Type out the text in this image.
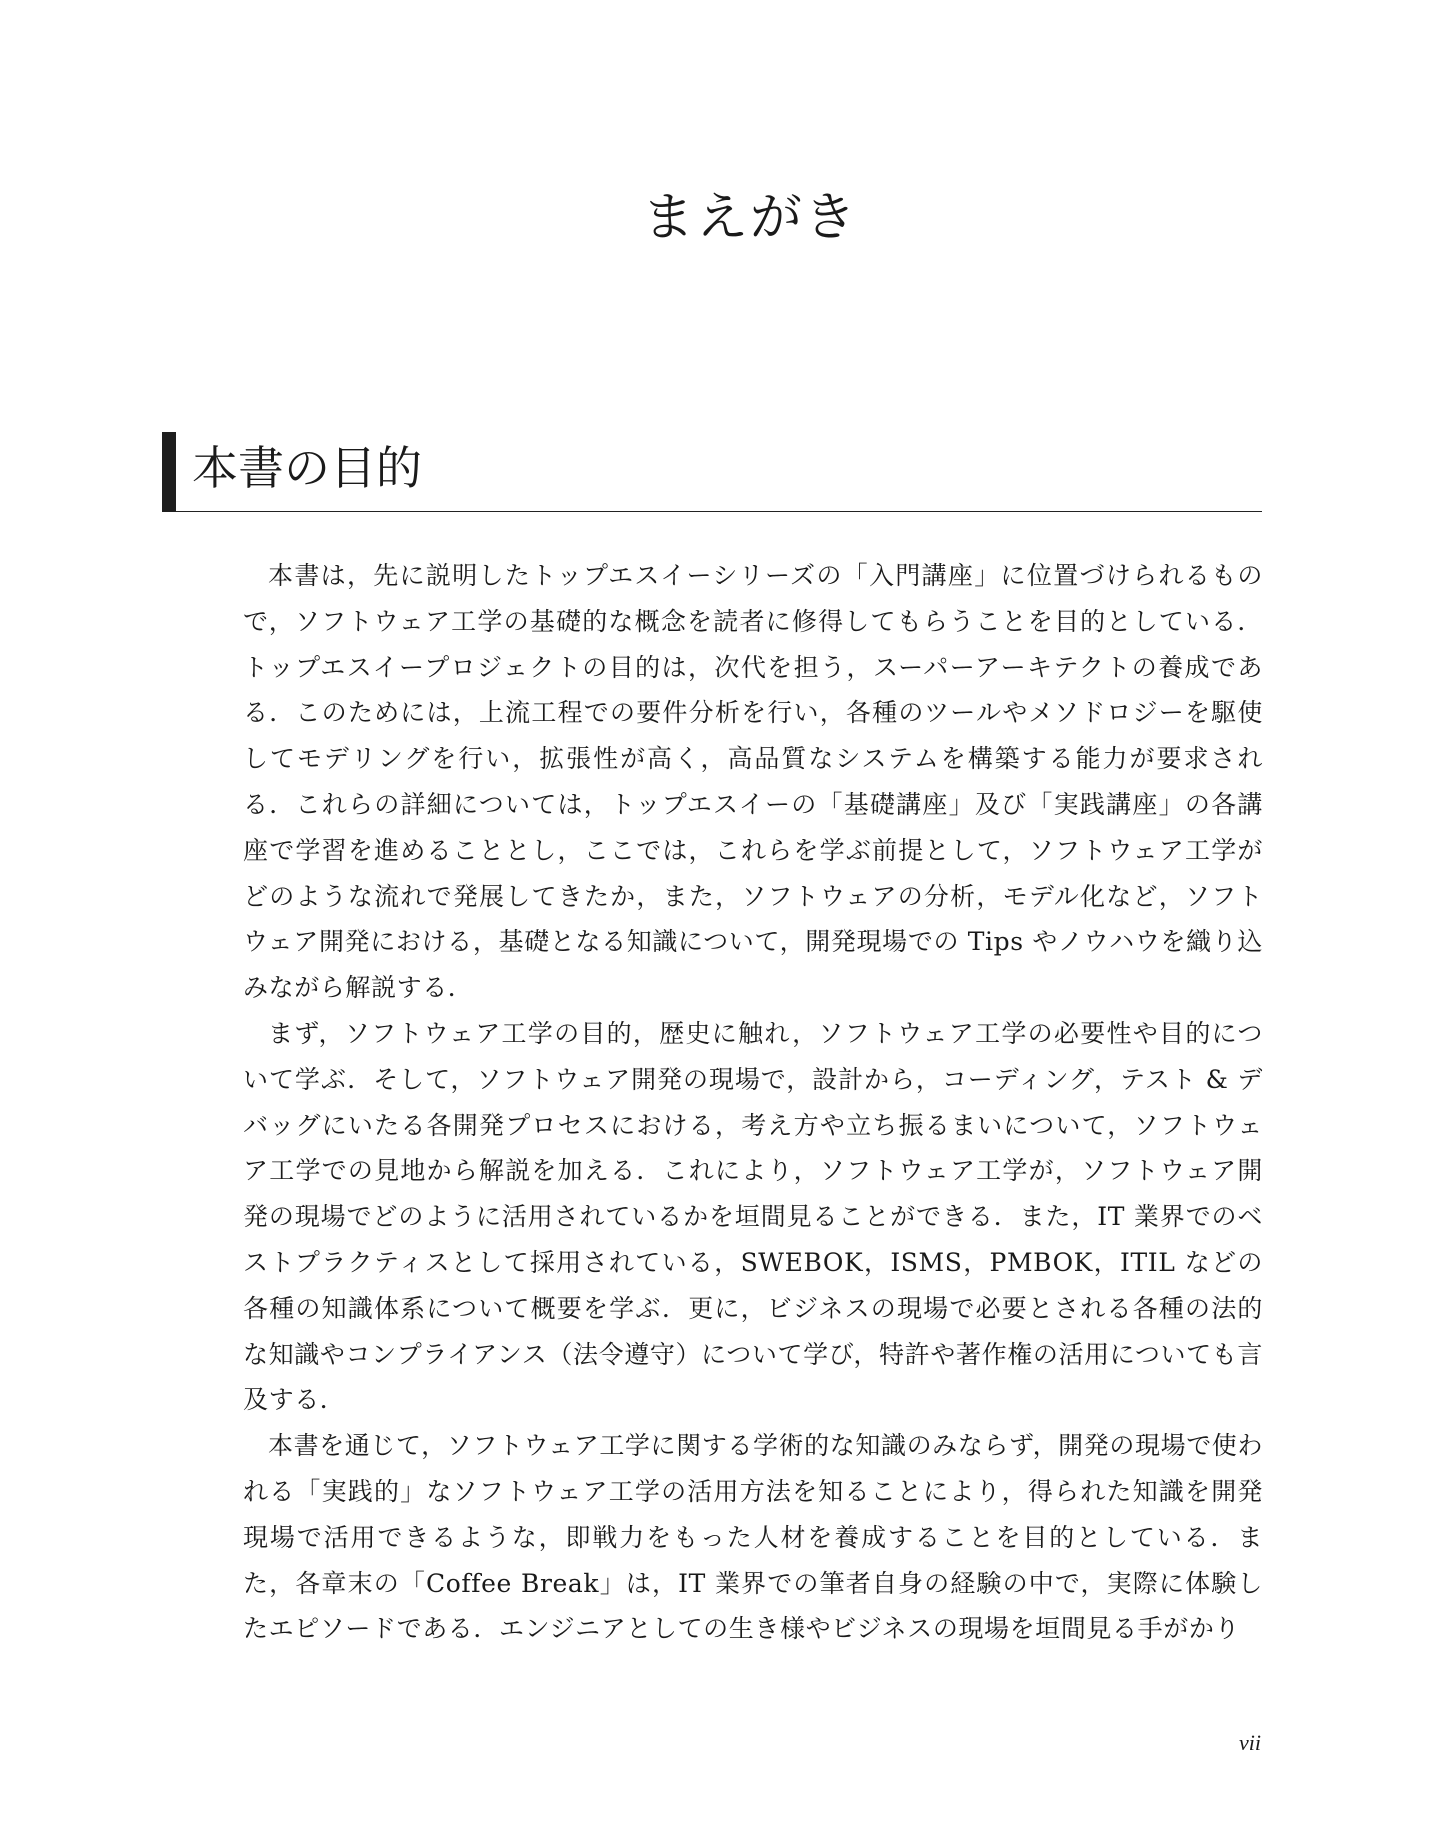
まえがき
本書の目的

本書は，先に説明したトップエスイーシリーズの「入門講座」に位置づけられるもので，ソフトウェア工学の基礎的な概念を読者に修得してもらうことを目的としている．トップエスイープロジェクトの目的は，次代を担う，スーパーアーキテクトの養成である．このためには，上流工程での要件分析を行い，各種のツールやメソドロジーを駆使してモデリングを行い，拡張性が高く，高品質なシステムを構築する能力が要求される．これらの詳細については，トップエスイーの「基礎講座」及び「実践講座」の各講座で学習を進めることとし，ここでは，これらを学ぶ前提として，ソフトウェア工学がどのような流れで発展してきたか，また，ソフトウェアの分析，モデル化など，ソフトウェア開発における，基礎となる知識について，開発現場での Tips やノウハウを織り込みながら解説する．

まず，ソフトウェア工学の目的，歴史に触れ，ソフトウェア工学の必要性や目的について学ぶ．そして，ソフトウェア開発の現場で，設計から，コーディング，テスト & デバッグにいたる各開発プロセスにおける，考え方や立ち振るまいについて，ソフトウェア工学での見地から解説を加える．これにより，ソフトウェア工学が，ソフトウェア開発の現場でどのように活用されているかを垣間見ることができる．また，IT 業界でのベストプラクティスとして採用されている，SWEBOK，ISMS，PMBOK，ITIL などの各種の知識体系について概要を学ぶ．更に，ビジネスの現場で必要とされる各種の法的な知識やコンプライアンス（法令遵守）について学び，特許や著作権の活用についても言及する．

本書を通じて，ソフトウェア工学に関する学術的な知識のみならず，開発の現場で使われる「実践的」なソフトウェア工学の活用方法を知ることにより，得られた知識を開発現場で活用できるような，即戦力をもった人材を養成することを目的としている．また，各章末の「Coffee Break」は，IT 業界での筆者自身の経験の中で，実際に体験したエピソードである．エンジニアとしての生き様やビジネスの現場を垣間見る手がかり

vii
